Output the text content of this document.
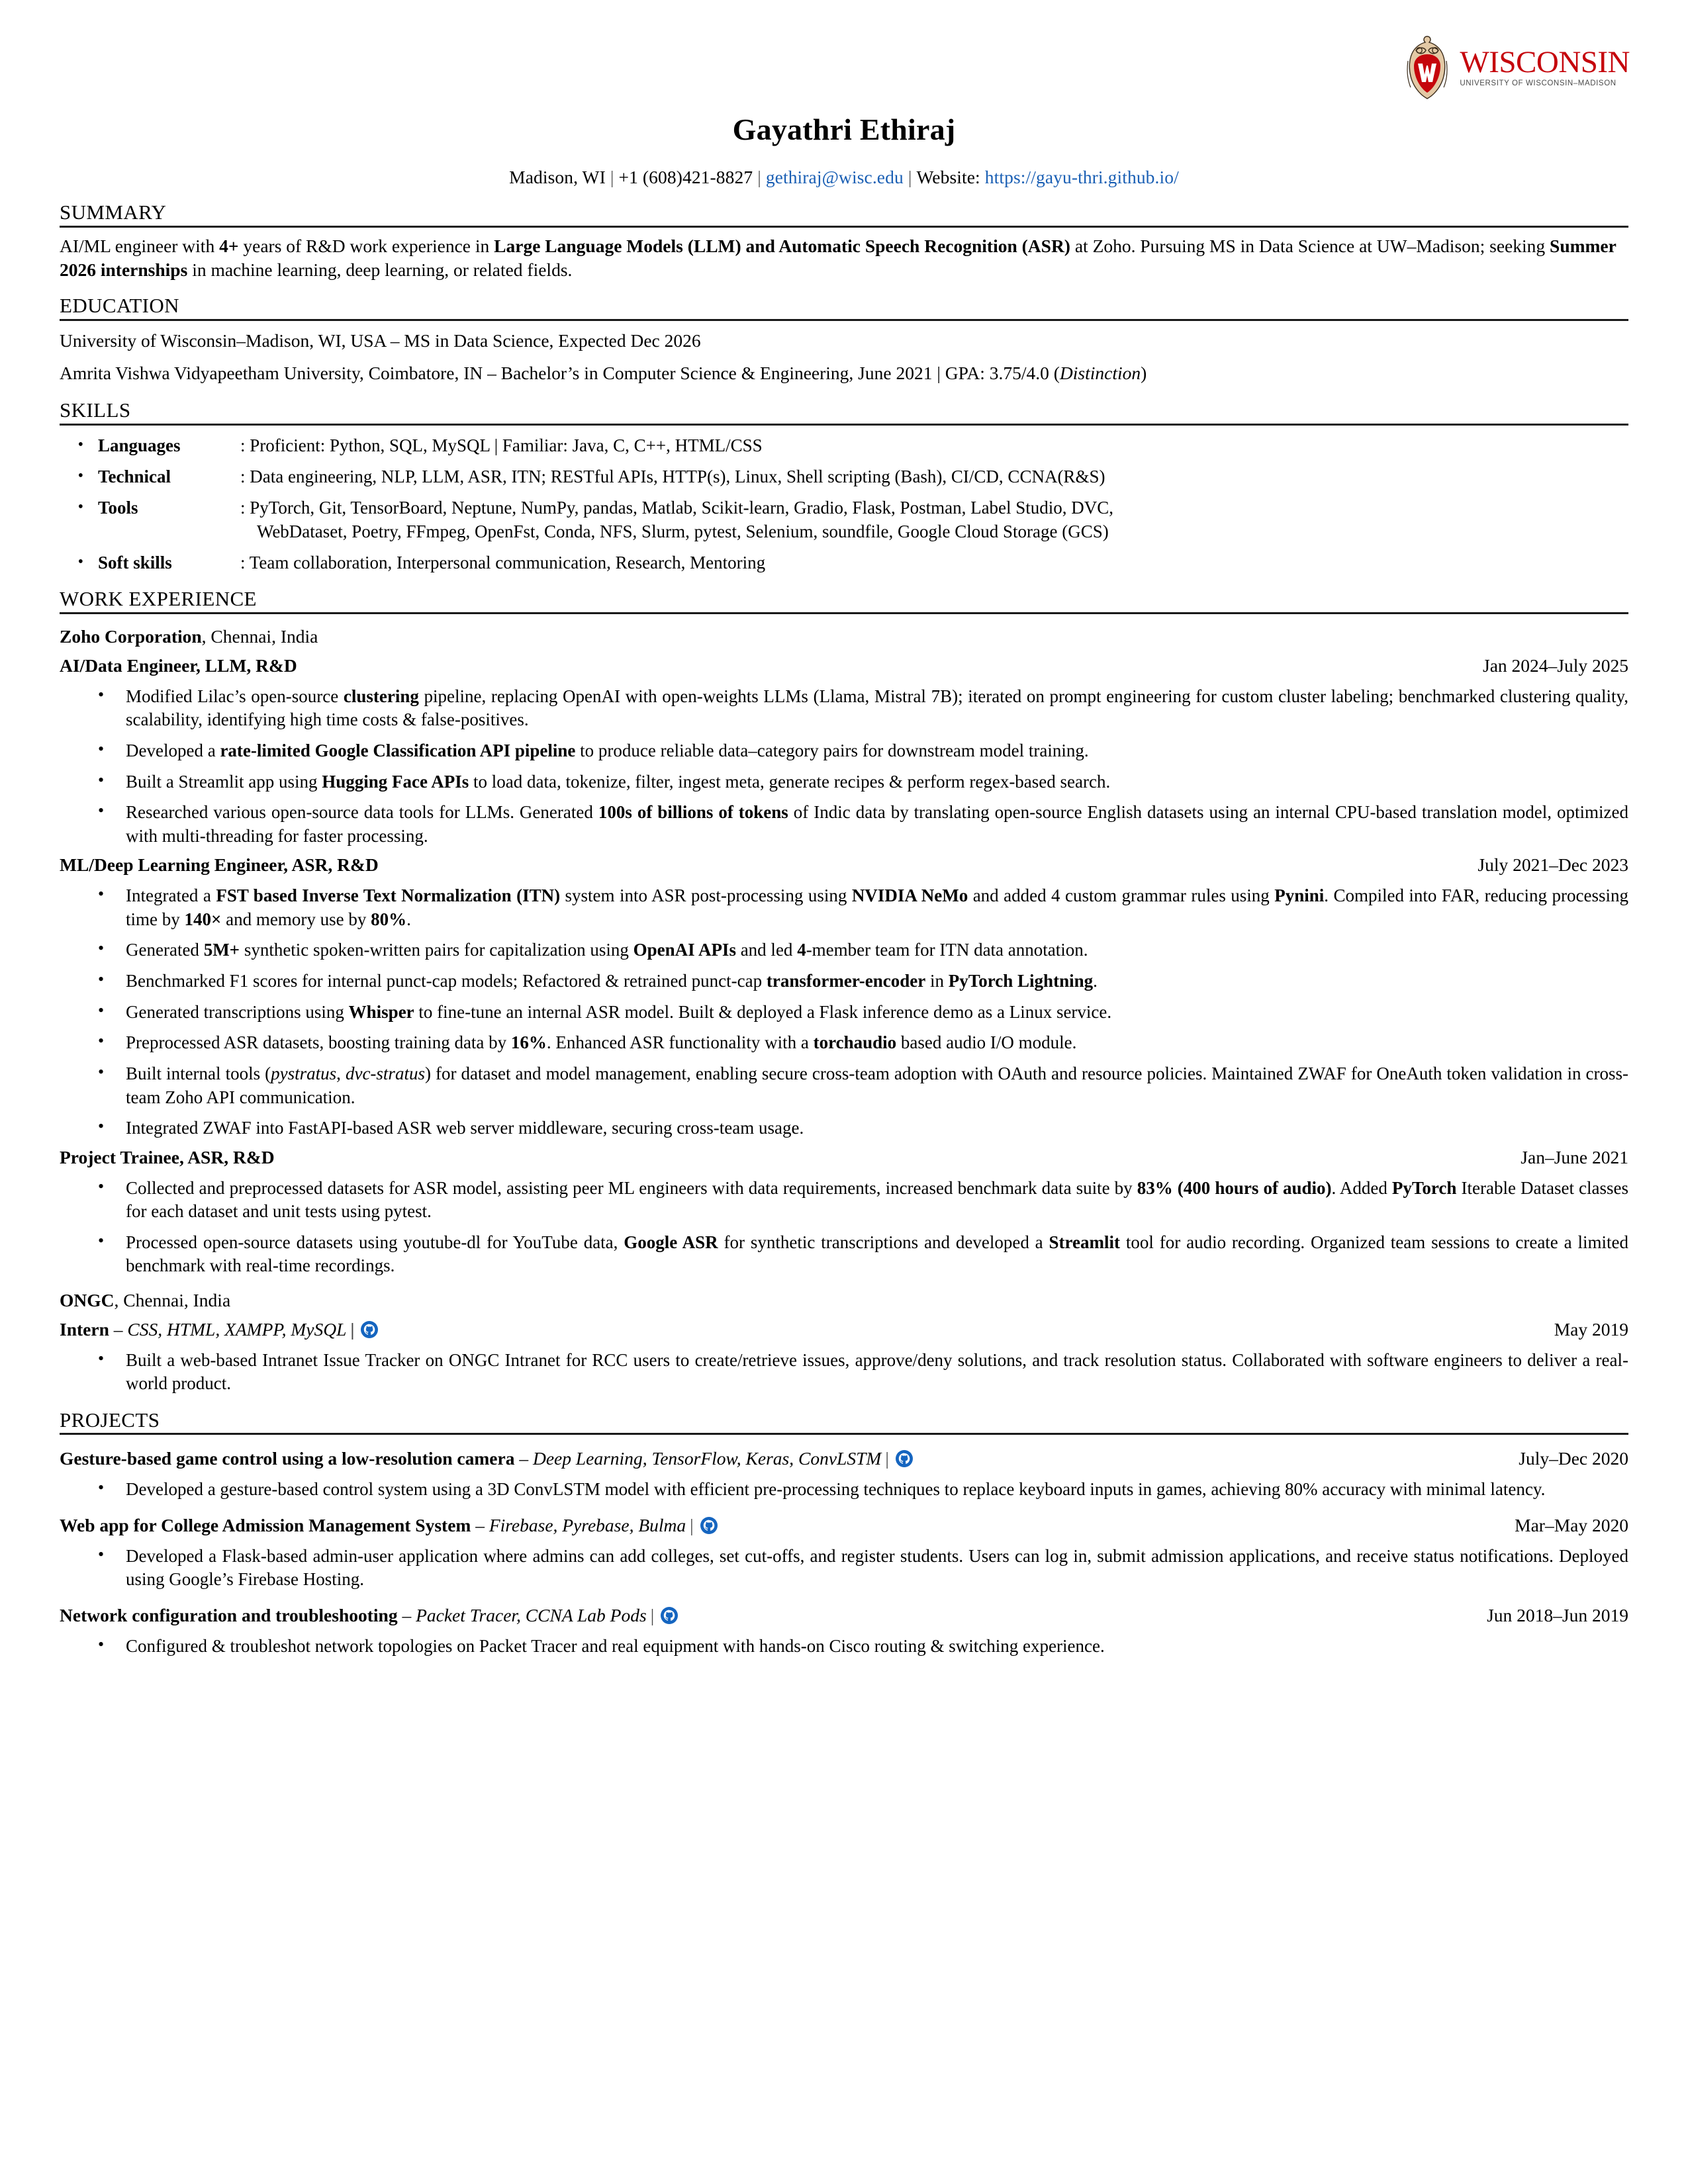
WISCONSIN
UNIVERSITY OF WISCONSIN–MADISON
Gayathri Ethiraj
Madison, WI | +1 (608)421-8827 | gethiraj@wisc.edu | Website: https://gayu-thri.github.io/
SUMMARY
AI/ML engineer with 4+ years of R&D work experience in Large Language Models (LLM) and Automatic Speech Recognition (ASR) at Zoho. Pursuing MS in Data Science at UW–Madison; seeking Summer 2026 internships in machine learning, deep learning, or related fields.
EDUCATION
University of Wisconsin–Madison, WI, USA – MS in Data Science, Expected Dec 2026
Amrita Vishwa Vidyapeetham University, Coimbatore, IN – Bachelor’s in Computer Science & Engineering, June 2021 | GPA: 3.75/4.0 (Distinction)
SKILLS
• Languages	: Proficient: Python, SQL, MySQL | Familiar: Java, C, C++, HTML/CSS
• Technical	: Data engineering, NLP, LLM, ASR, ITN; RESTful APIs, HTTP(s), Linux, Shell scripting (Bash), CI/CD, CCNA(R&S)
• Tools	: PyTorch, Git, TensorBoard, Neptune, NumPy, pandas, Matlab, Scikit-learn, Gradio, Flask, Postman, Label Studio, DVC,
WebDataset, Poetry, FFmpeg, OpenFst, Conda, NFS, Slurm, pytest, Selenium, soundfile, Google Cloud Storage (GCS)
• Soft skills	: Team collaboration, Interpersonal communication, Research, Mentoring
WORK EXPERIENCE
Zoho Corporation, Chennai, India
AI/Data Engineer, LLM, R&D	Jan 2024–July 2025
• Modified Lilac’s open-source clustering pipeline, replacing OpenAI with open-weights LLMs (Llama, Mistral 7B); iterated on prompt engineering for custom cluster labeling; benchmarked clustering quality, scalability, identifying high time costs & false-positives.
• Developed a rate-limited Google Classification API pipeline to produce reliable data–category pairs for downstream model training.
• Built a Streamlit app using Hugging Face APIs to load data, tokenize, filter, ingest meta, generate recipes & perform regex-based search.
• Researched various open-source data tools for LLMs. Generated 100s of billions of tokens of Indic data by translating open-source English datasets using an internal CPU-based translation model, optimized with multi-threading for faster processing.
ML/Deep Learning Engineer, ASR, R&D	July 2021–Dec 2023
• Integrated a FST based Inverse Text Normalization (ITN) system into ASR post-processing using NVIDIA NeMo and added 4 custom grammar rules using Pynini. Compiled into FAR, reducing processing time by 140× and memory use by 80%.
• Generated 5M+ synthetic spoken-written pairs for capitalization using OpenAI APIs and led 4-member team for ITN data annotation.
• Benchmarked F1 scores for internal punct-cap models; Refactored & retrained punct-cap transformer-encoder in PyTorch Lightning.
• Generated transcriptions using Whisper to fine-tune an internal ASR model. Built & deployed a Flask inference demo as a Linux service.
• Preprocessed ASR datasets, boosting training data by 16%. Enhanced ASR functionality with a torchaudio based audio I/O module.
• Built internal tools (pystratus, dvc-stratus) for dataset and model management, enabling secure cross-team adoption with OAuth and resource policies. Maintained ZWAF for OneAuth token validation in cross-team Zoho API communication.
• Integrated ZWAF into FastAPI-based ASR web server middleware, securing cross-team usage.
Project Trainee, ASR, R&D	Jan–June 2021
• Collected and preprocessed datasets for ASR model, assisting peer ML engineers with data requirements, increased benchmark data suite by 83% (400 hours of audio). Added PyTorch Iterable Dataset classes for each dataset and unit tests using pytest.
• Processed open-source datasets using youtube-dl for YouTube data, Google ASR for synthetic transcriptions and developed a Streamlit tool for audio recording. Organized team sessions to create a limited benchmark with real-time recordings.
ONGC, Chennai, India
Intern – CSS, HTML, XAMPP, MySQL |	May 2019
• Built a web-based Intranet Issue Tracker on ONGC Intranet for RCC users to create/retrieve issues, approve/deny solutions, and track resolution status. Collaborated with software engineers to deliver a real-world product.
PROJECTS
Gesture-based game control using a low-resolution camera – Deep Learning, TensorFlow, Keras, ConvLSTM |	July–Dec 2020
• Developed a gesture-based control system using a 3D ConvLSTM model with efficient pre-processing techniques to replace keyboard inputs in games, achieving 80% accuracy with minimal latency.
Web app for College Admission Management System – Firebase, Pyrebase, Bulma |	Mar–May 2020
• Developed a Flask-based admin-user application where admins can add colleges, set cut-offs, and register students. Users can log in, submit admission applications, and receive status notifications. Deployed using Google’s Firebase Hosting.
Network configuration and troubleshooting – Packet Tracer, CCNA Lab Pods |	Jun 2018–Jun 2019
• Configured & troubleshot network topologies on Packet Tracer and real equipment with hands-on Cisco routing & switching experience.
